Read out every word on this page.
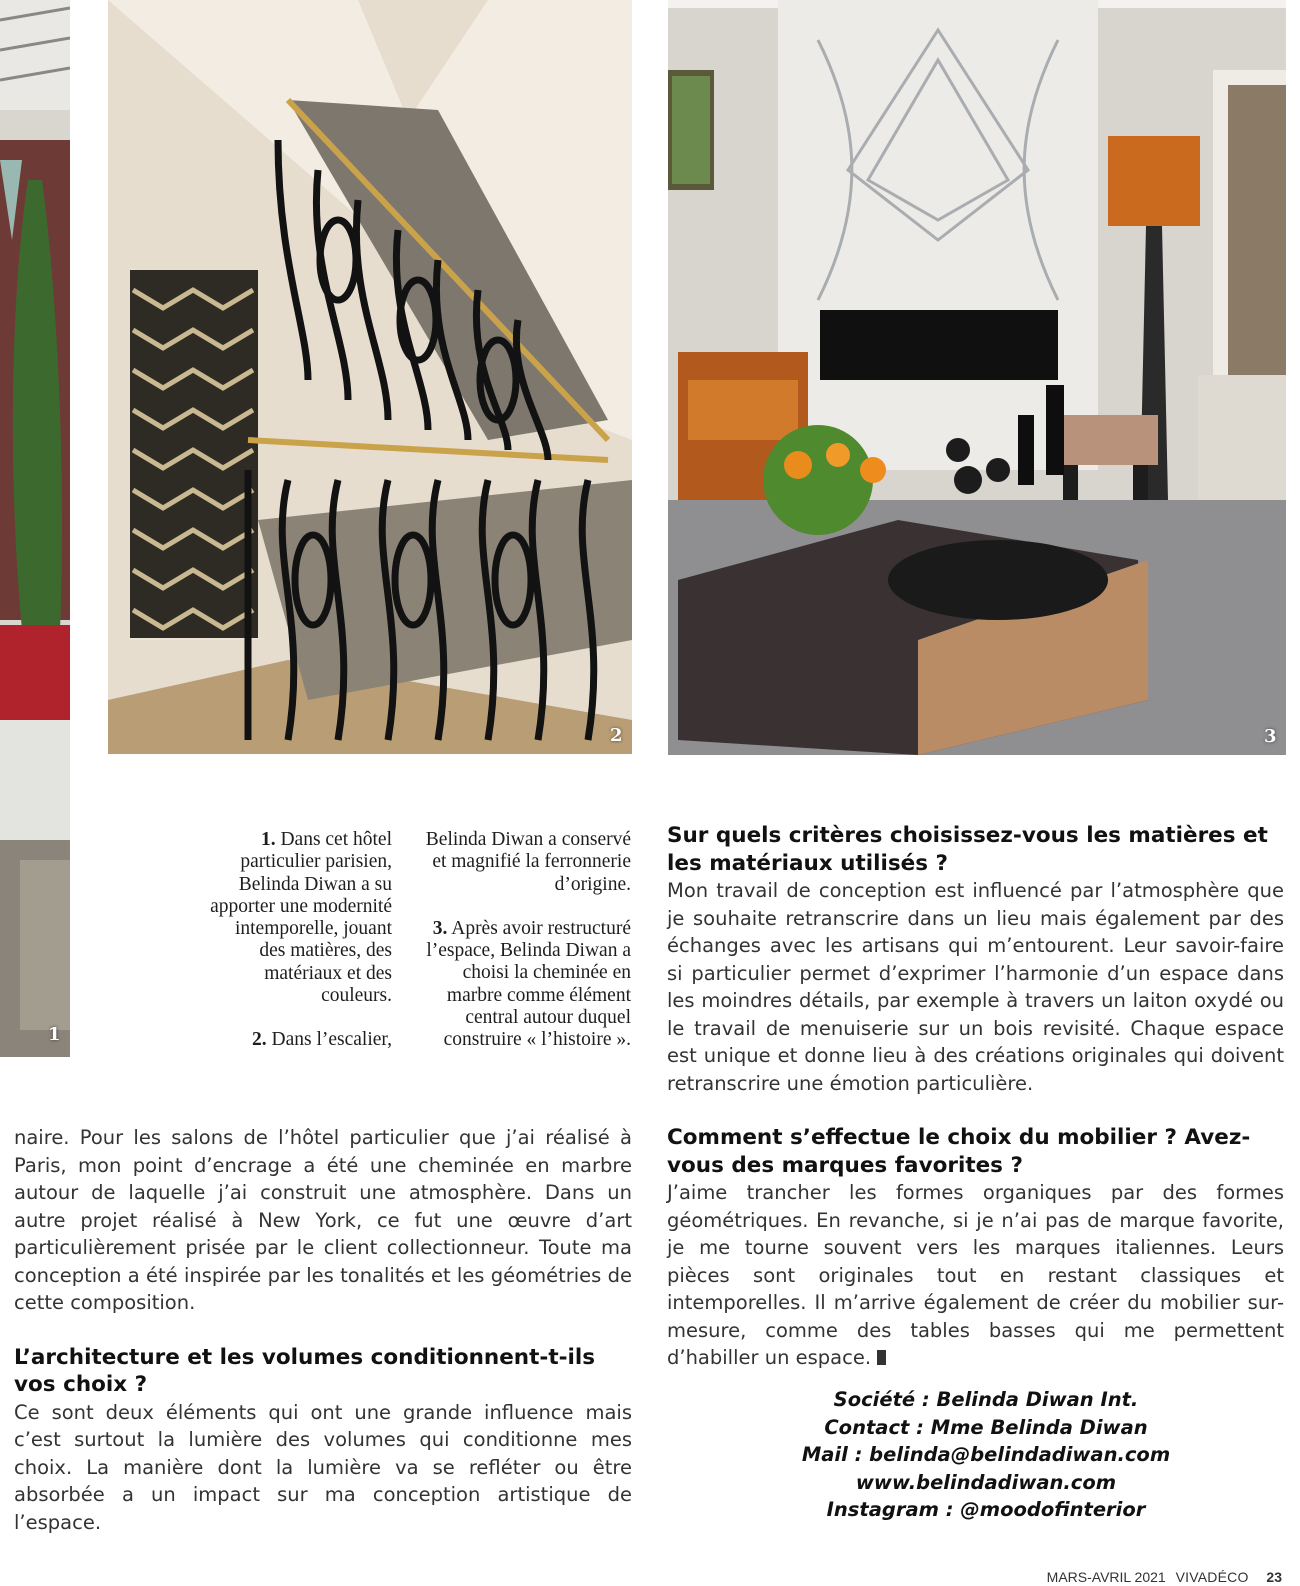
1
2	3

1. Dans cet hôtel particulier parisien, Belinda Diwan a su apporter une modernité intemporelle, jouant des matières, des matériaux et des couleurs.

2. Dans l’escalier,

Belinda Diwan a conservé et magnifié la ferronnerie d’origine.

3. Après avoir restructuré l’espace, Belinda Diwan a choisi la cheminée en marbre comme élément central autour duquel construire « l’histoire ».

naire. Pour les salons de l’hôtel particulier que j’ai réalisé à Paris, mon point d’encrage a été une cheminée en marbre autour de laquelle j’ai construit une atmosphère. Dans un autre projet réalisé à New York, ce fut une œuvre d’art particulièrement prisée par le client collectionneur. Toute ma conception a été inspirée par les tonalités et les géométries de cette composition.

L’architecture et les volumes conditionnent-t-ils vos choix ?

Ce sont deux éléments qui ont une grande influence mais c’est surtout la lumière des volumes qui conditionne mes choix. La manière dont la lumière va se refléter ou être absorbée a un impact sur ma conception artistique de l’espace.

Sur quels critères choisissez-vous les matières et les matériaux utilisés ?

Mon travail de conception est influencé par l’atmosphère que je souhaite retranscrire dans un lieu mais également par des échanges avec les artisans qui m’entourent. Leur savoir-faire si particulier permet d’exprimer l’harmonie d’un espace dans les moindres détails, par exemple à travers un laiton oxydé ou le travail de menuiserie sur un bois revisité. Chaque espace est unique et donne lieu à des créations originales qui doivent retranscrire une émotion particulière.

Comment s’effectue le choix du mobilier ? Avez-vous des marques favorites ?

J’aime trancher les formes organiques par des formes géométriques. En revanche, si je n’ai pas de marque favorite, je me tourne souvent vers les marques italiennes. Leurs pièces sont originales tout en restant classiques et intemporelles. Il m’arrive également de créer du mobilier sur-mesure, comme des tables basses qui me permettent d’habiller un espace.

Société : Belinda Diwan Int.
Contact : Mme Belinda Diwan
Mail : belinda@belindadiwan.com
www.belindadiwan.com
Instagram : @moodofinterior
MARS-AVRIL 2021 VIVADÉCO 23
